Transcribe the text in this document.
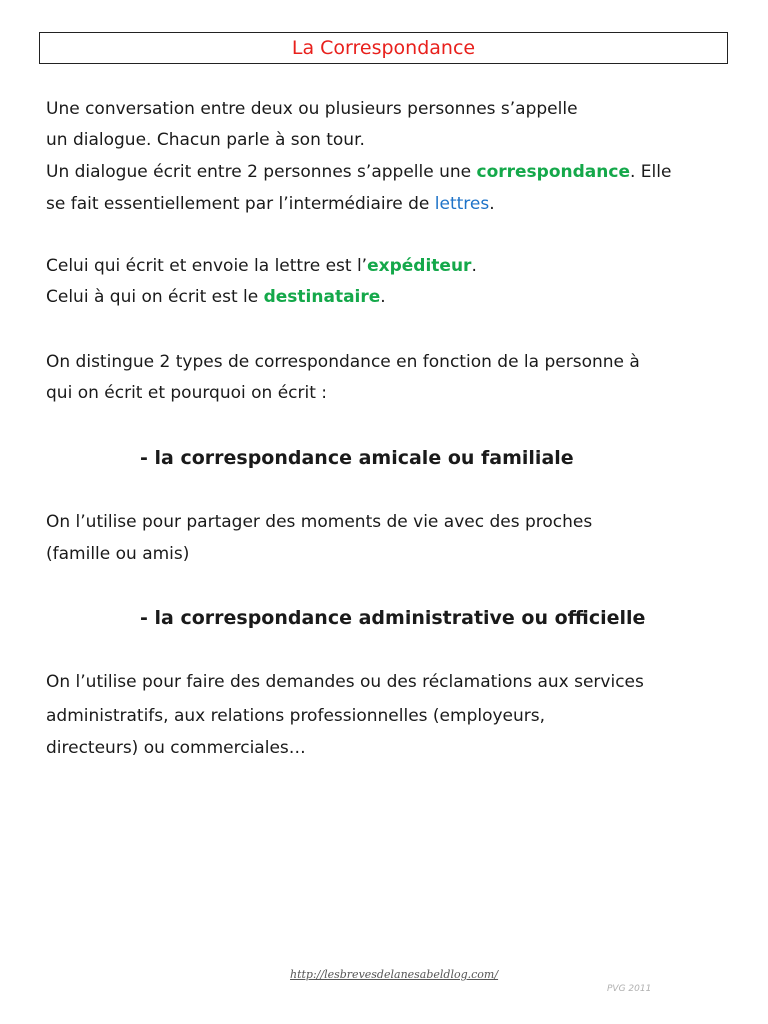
La Correspondance

Une conversation entre deux ou plusieurs personnes s’appelle

un dialogue. Chacun parle à son tour.

Un dialogue écrit entre 2 personnes s’appelle une correspondance. Elle

se fait essentiellement par l’intermédiaire de lettres.

Celui qui écrit et envoie la lettre est l’expéditeur.

Celui à qui on écrit est le destinataire.

On distingue 2 types de correspondance en fonction de la personne à

qui on écrit et pourquoi on écrit :

- la correspondance amicale ou familiale

On l’utilise pour partager des moments de vie avec des proches

(famille ou amis)

- la correspondance administrative ou officielle

On l’utilise pour faire des demandes ou des réclamations aux services

administratifs, aux relations professionnelles (employeurs,

directeurs) ou commerciales…

http://lesbrevesdelanesabeldlog.com/
PVG 2011
